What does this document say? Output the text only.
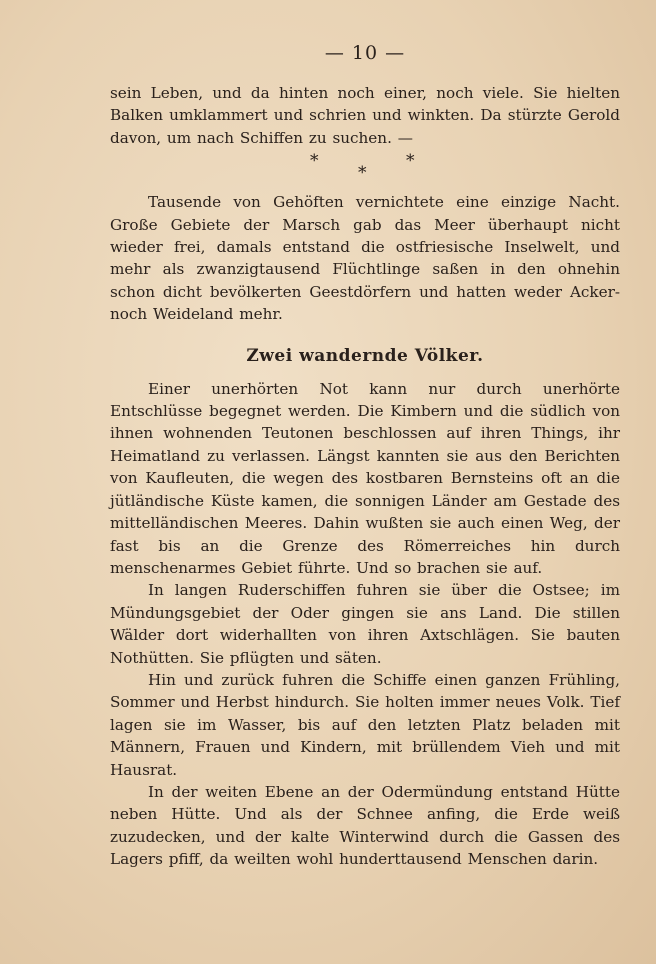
— 10 —

sein Leben, und da hinten noch einer, noch viele. Sie hielten Balken umklammert und schrien und winkten. Da stürzte Gerold davon, um nach Schiffen zu suchen. —

*
*
*

Tausende von Gehöften vernichtete eine einzige Nacht. Große Gebiete der Marsch gab das Meer überhaupt nicht wieder frei, damals entstand die ostfriesische Inselwelt, und mehr als zwanzigtausend Flüchtlinge saßen in den ohnehin schon dicht bevölkerten Geestdörfern und hatten weder Acker- noch Weideland mehr.

Zwei wandernde Völker.

Einer unerhörten Not kann nur durch unerhörte Entschlüsse begegnet werden. Die Kimbern und die südlich von ihnen wohnenden Teutonen beschlossen auf ihren Things, ihr Heimatland zu verlassen. Längst kannten sie aus den Berichten von Kaufleuten, die wegen des kostbaren Bernsteins oft an die jütländische Küste kamen, die sonnigen Länder am Gestade des mittelländischen Meeres. Dahin wußten sie auch einen Weg, der fast bis an die Grenze des Römerreiches hin durch menschenarmes Gebiet führte. Und so brachen sie auf.

In langen Ruderschiffen fuhren sie über die Ostsee; im Mündungsgebiet der Oder gingen sie ans Land. Die stillen Wälder dort widerhallten von ihren Axtschlägen. Sie bauten Nothütten. Sie pflügten und säten.

Hin und zurück fuhren die Schiffe einen ganzen Frühling, Sommer und Herbst hindurch. Sie holten immer neues Volk. Tief lagen sie im Wasser, bis auf den letzten Platz beladen mit Männern, Frauen und Kindern, mit brüllendem Vieh und mit Hausrat.

In der weiten Ebene an der Odermündung entstand Hütte neben Hütte. Und als der Schnee anfing, die Erde weiß zuzudecken, und der kalte Winterwind durch die Gassen des Lagers pfiff, da weilten wohl hunderttausend Menschen darin.
